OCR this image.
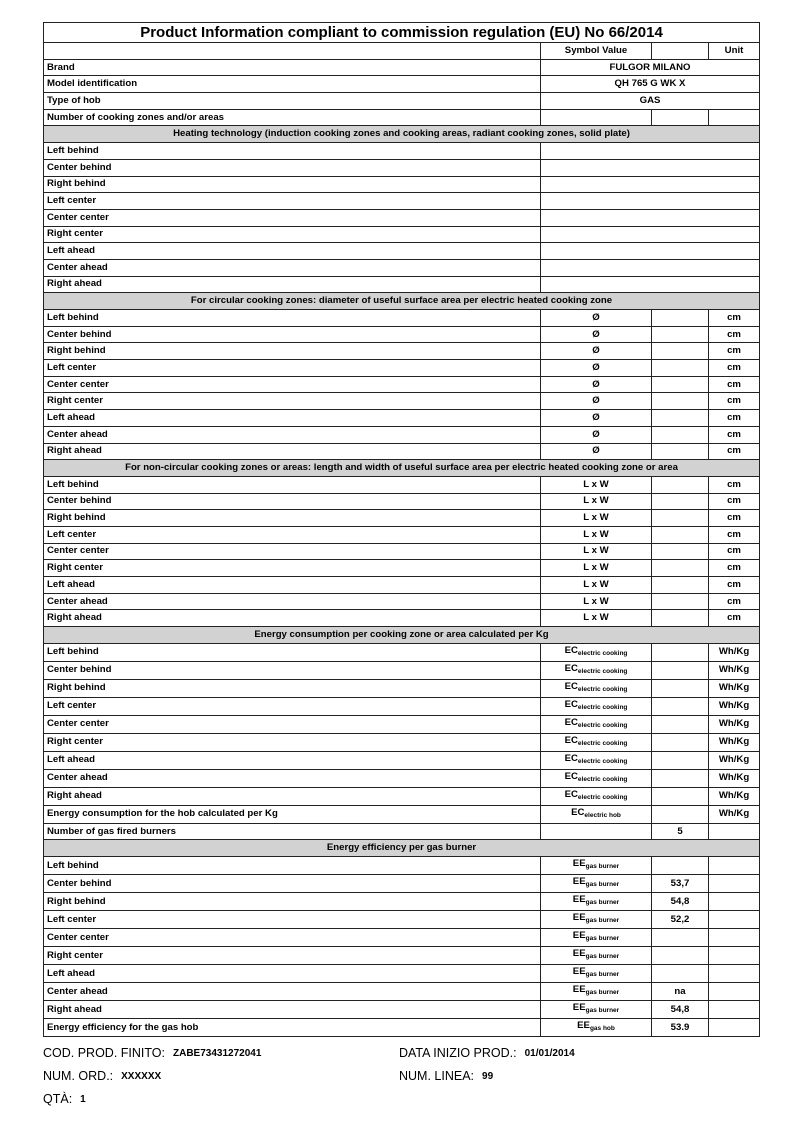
Product Information compliant to commission regulation (EU) No 66/2014			
	Symbol Value		Unit
Brand	FULGOR MILANO		
Model identification	QH 765 G WK X		
Type of hob	GAS		
Number of cooking zones and/or areas			
Heating technology (induction cooking zones and cooking areas, radiant cooking zones, solid plate)			
Left behind			
Center behind			
Right behind			
Left center			
Center center			
Right center			
Left ahead			
Center ahead			
Right ahead			
For circular cooking zones: diameter of useful surface area per electric heated cooking zone			
Left behind	Ø		cm
Center behind	Ø		cm
Right behind	Ø		cm
Left center	Ø		cm
Center center	Ø		cm
Right center	Ø		cm
Left ahead	Ø		cm
Center ahead	Ø		cm
Right ahead	Ø		cm
For non-circular cooking zones or areas: length and width of useful surface area per electric heated cooking zone or area			
Left behind	L x W		cm
Center behind	L x W		cm
Right behind	L x W		cm
Left center	L x W		cm
Center center	L x W		cm
Right center	L x W		cm
Left ahead	L x W		cm
Center ahead	L x W		cm
Right ahead	L x W		cm
Energy consumption per cooking zone or area calculated per Kg			
Left behind	$EC_{electric cooking}$		Wh/Kg
Center behind	$EC_{electric cooking}$		Wh/Kg
Right behind	$EC_{electric cooking}$		Wh/Kg
Left center	$EC_{electric cooking}$		Wh/Kg
Center center	$EC_{electric cooking}$		Wh/Kg
Right center	$EC_{electric cooking}$		Wh/Kg
Left ahead	$EC_{electric cooking}$		Wh/Kg
Center ahead	$EC_{electric cooking}$		Wh/Kg
Right ahead	$EC_{electric cooking}$		Wh/Kg
Energy consumption for the hob calculated per Kg	$EC_{electric hob}$		Wh/Kg
Number of gas fired burners		5	
Energy efficiency per gas burner			
Left behind	$EE_{gas burner}$		
Center behind	$EE_{gas burner}$	53,7	
Right behind	$EE_{gas burner}$	54,8	
Left center	$EE_{gas burner}$	52,2	
Center center	$EE_{gas burner}$		
Right center	$EE_{gas burner}$		
Left ahead	$EE_{gas burner}$		
Center ahead	$EE_{gas burner}$	na	
Right ahead	$EE_{gas burner}$	54,8	
Energy efficiency for the gas hob	$EE_{gas hob}$	53.9	
COD. PROD. FINITO: ZABE73431272041	DATA INIZIO PROD.: 01/01/2014
NUM. ORD.: XXXXXX	NUM. LINEA: 99
QTÀ: 1
